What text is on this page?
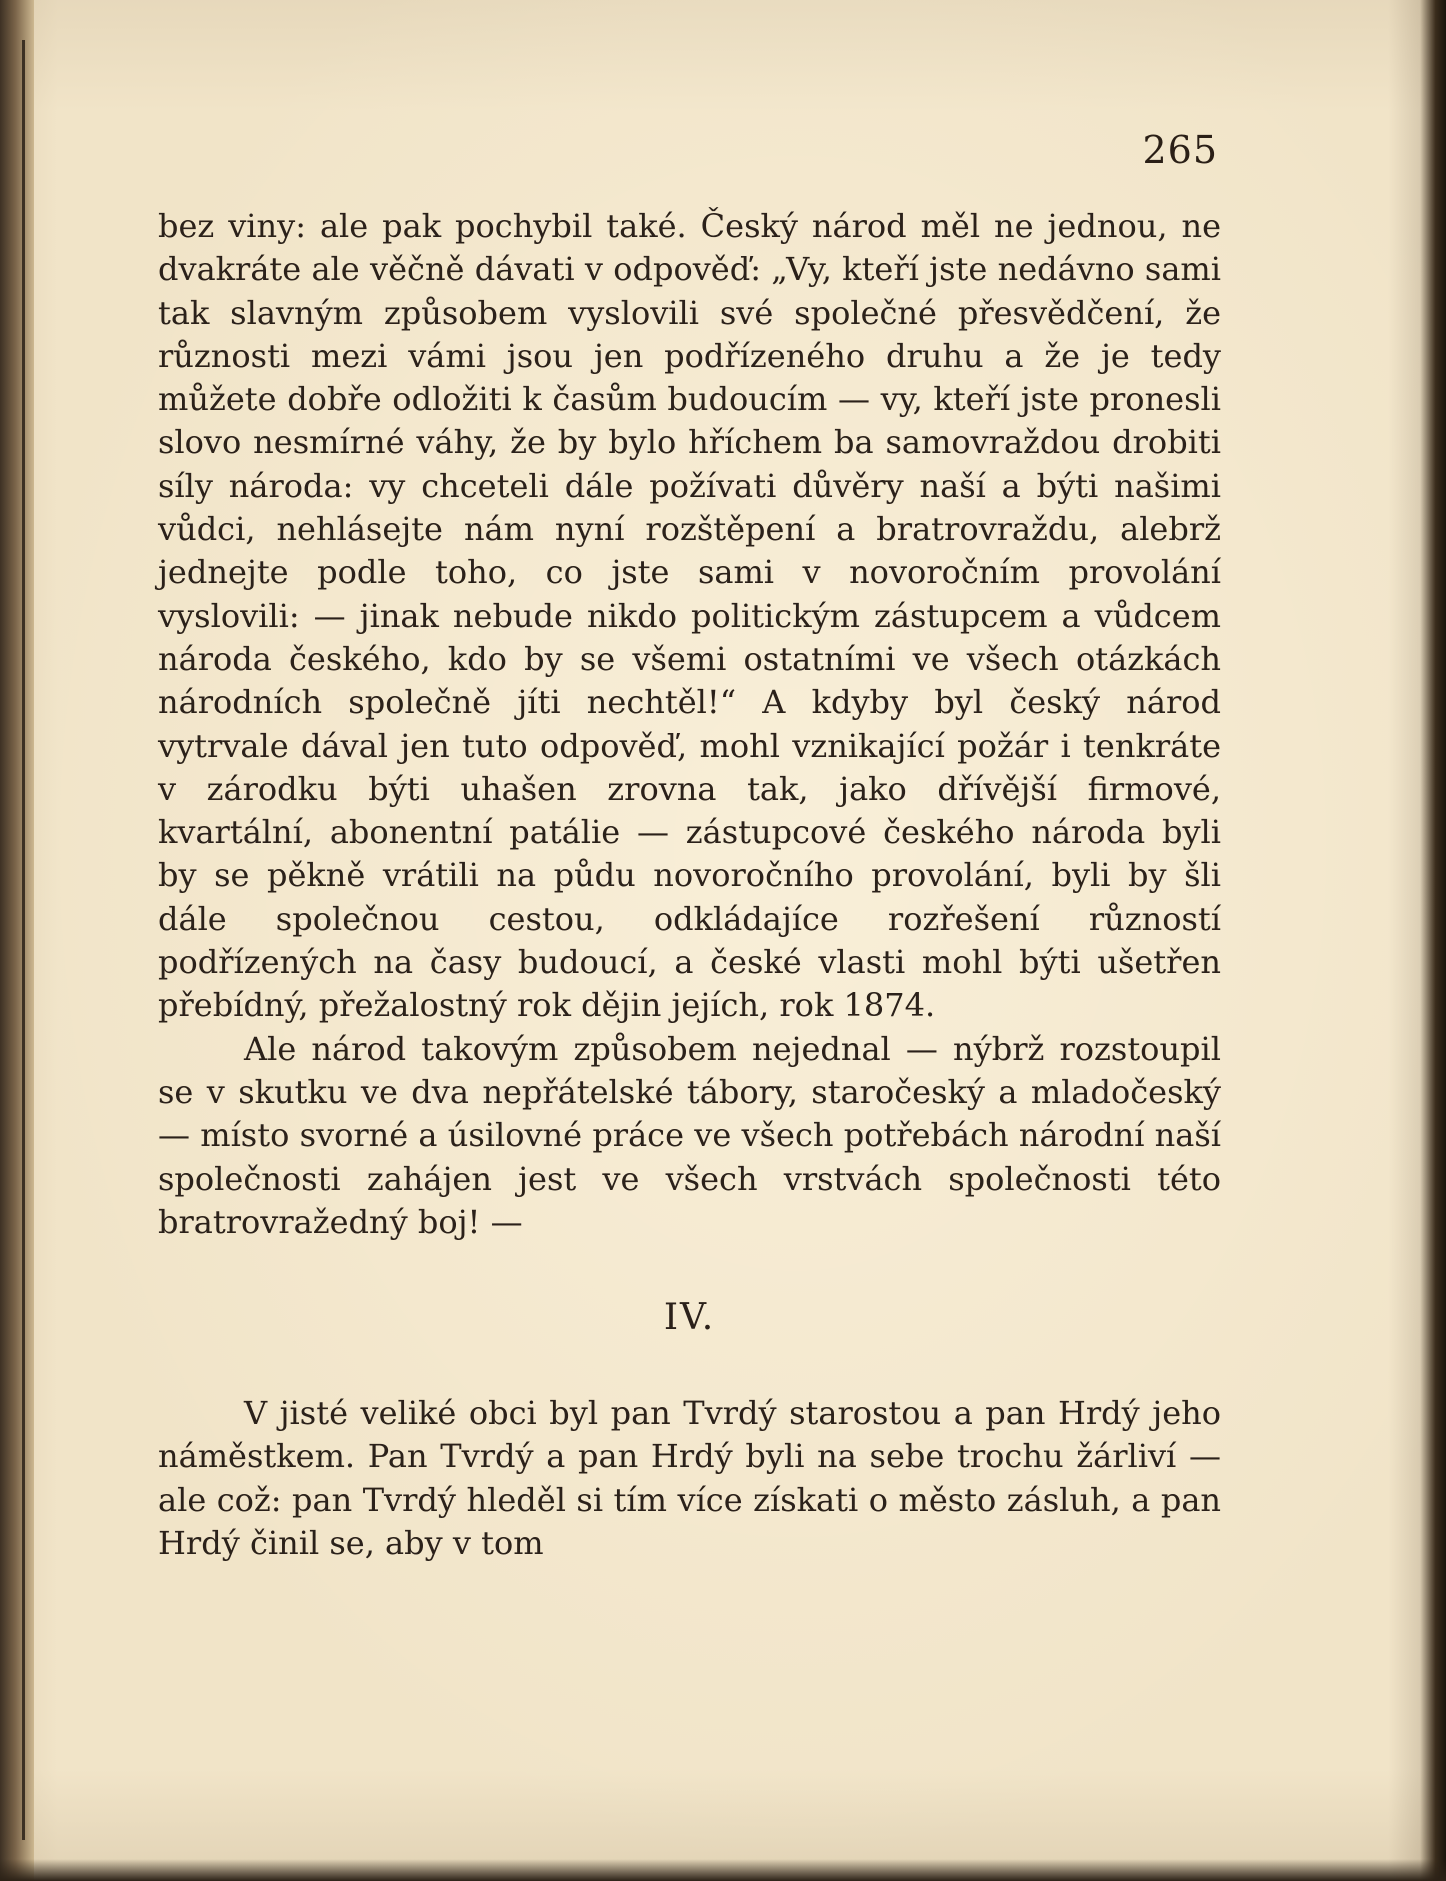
265

bez viny: ale pak pochybil také. Český národ měl ne jednou, ne dvakráte ale věčně dávati v odpověď: „Vy, kteří jste nedávno sami tak slavným způsobem vyslovili své společné přesvědčení, že různosti mezi vámi jsou jen podřízeného druhu a že je tedy můžete dobře odložiti k časům budoucím — vy, kteří jste pronesli slovo nesmírné váhy, že by bylo hříchem ba samovraždou drobiti síly národa: vy chceteli dále požívati důvěry naší a býti našimi vůdci, nehlásejte nám nyní rozštěpení a bratrovraždu, alebrž jednejte podle toho, co jste sami v novoročním provolání vyslovili: — jinak nebude nikdo politickým zástupcem a vůdcem národa českého, kdo by se všemi ostatními ve všech otázkách národních společně jíti nechtěl!“ A kdyby byl český národ vytrvale dával jen tuto odpověď, mohl vznikající požár i tenkráte v zárodku býti uhašen zrovna tak, jako dřívější firmové, kvartální, abonentní patálie — zástupcové českého národa byli by se pěkně vrátili na půdu novoročního provolání, byli by šli dále společnou cestou, odkládajíce rozřešení růzností podřízených na časy budoucí, a české vlasti mohl býti ušetřen přebídný, přežalostný rok dějin jejích, rok 1874.

Ale národ takovým způsobem nejednal — nýbrž rozstoupil se v skutku ve dva nepřátelské tábory, staročeský a mladočeský — místo svorné a úsilovné práce ve všech potřebách národní naší společnosti zahájen jest ve všech vrstvách společnosti této bratrovražedný boj! —

IV.

V jisté veliké obci byl pan Tvrdý starostou a pan Hrdý jeho náměstkem. Pan Tvrdý a pan Hrdý byli na sebe trochu žárliví — ale což: pan Tvrdý hleděl si tím více získati o město zásluh, a pan Hrdý činil se, aby v tom
